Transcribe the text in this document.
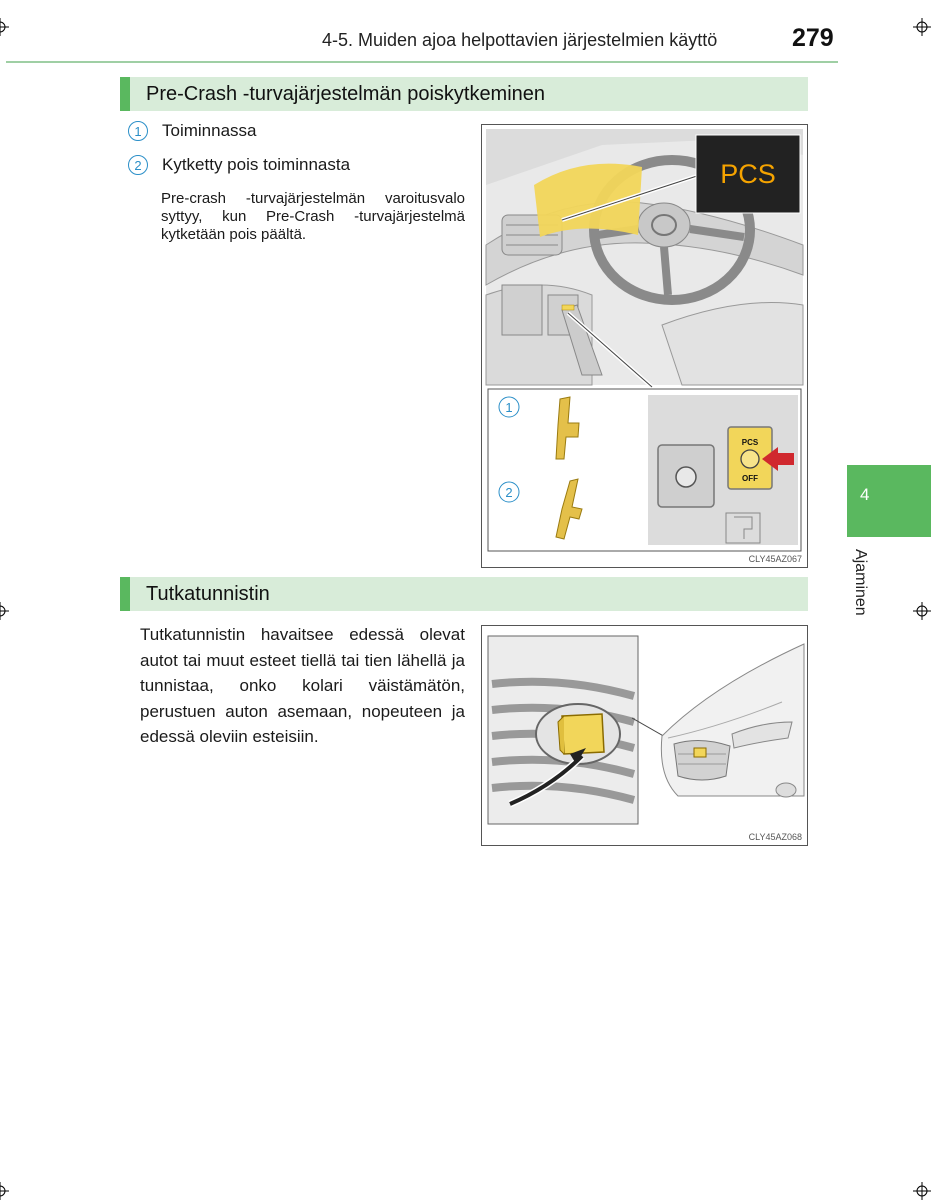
4-5. Muiden ajoa helpottavien järjestelmien käyttö	279
Pre-Crash -turvajärjestelmän poiskytkeminen
1	Toiminnassa
2	Kytketty pois toiminnasta
Pre-crash -turvajärjestelmän varoitusvalo syttyy, kun Pre-Crash -turvajärjestelmä kytketään pois päältä.
PCS
1
2
PCS
OFF
CLY45AZ067
Tutkatunnistin
Tutkatunnistin havaitsee edessä olevat autot tai muut esteet tiellä tai tien lähellä ja tunnistaa, onko kolari väistämätön, perustuen auton asemaan, nopeuteen ja edessä oleviin esteisiin.
CLY45AZ068
4
Ajaminen
